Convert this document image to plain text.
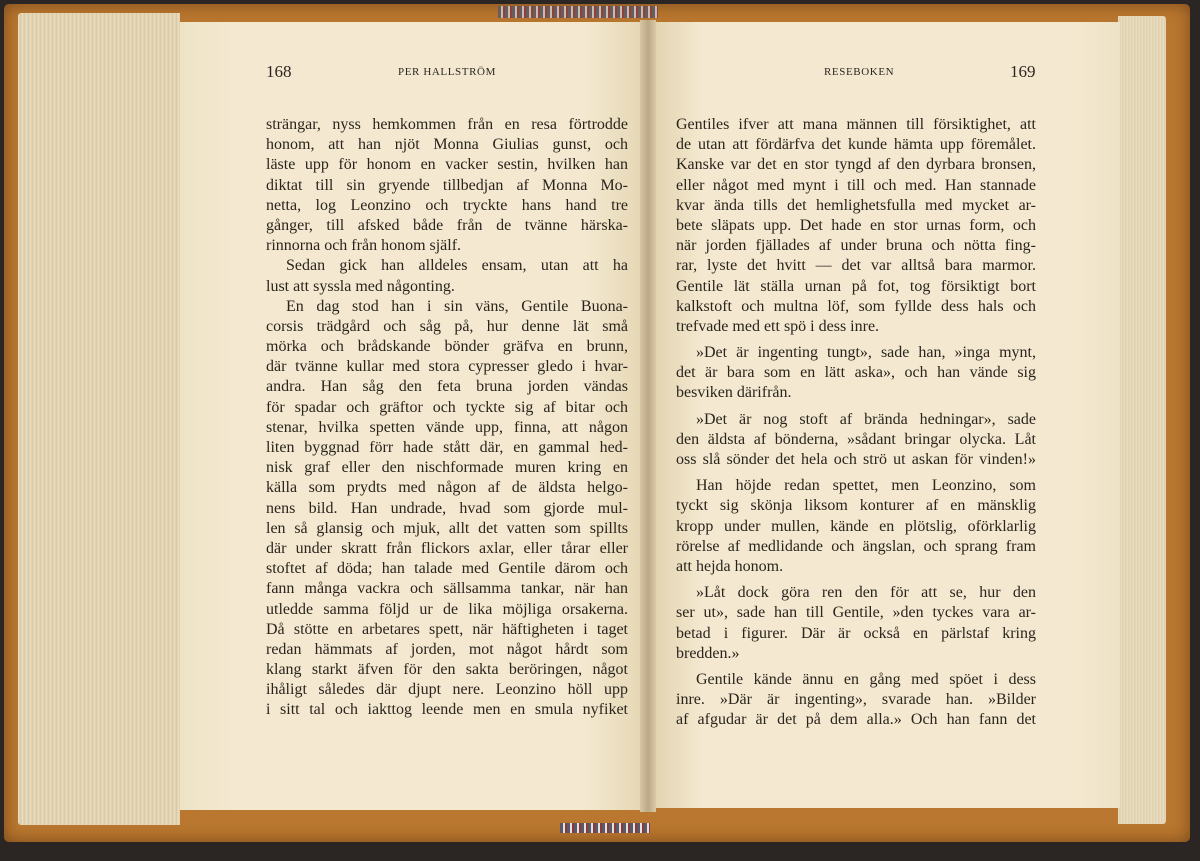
168	PER HALLSTRÖM	RESEBOKEN	169
strängar, nyss hemkommen från en resa förtrodde
honom, att han njöt Monna Giulias gunst, och
läste upp för honom en vacker sestin, hvilken han
diktat till sin gryende tillbedjan af Monna Mo-
netta, log Leonzino och tryckte hans hand tre
gånger, till afsked både från de tvänne härska-
rinnorna och från honom själf.
Sedan gick han alldeles ensam, utan att ha
lust att syssla med någonting.
En dag stod han i sin väns, Gentile Buona-
corsis trädgård och såg på, hur denne lät små
mörka och brådskande bönder gräfva en brunn,
där tvänne kullar med stora cypresser gledo i hvar-
andra. Han såg den feta bruna jorden vändas
för spadar och gräftor och tyckte sig af bitar och
stenar, hvilka spetten vände upp, finna, att någon
liten byggnad förr hade stått där, en gammal hed-
nisk graf eller den nischformade muren kring en
källa som prydts med någon af de äldsta helgo-
nens bild. Han undrade, hvad som gjorde mul-
len så glansig och mjuk, allt det vatten som spillts
där under skratt från flickors axlar, eller tårar eller
stoftet af döda; han talade med Gentile därom och
fann många vackra och sällsamma tankar, när han
utledde samma följd ur de lika möjliga orsakerna.
Då stötte en arbetares spett, när häftigheten i taget
redan hämmats af jorden, mot något hårdt som
klang starkt äfven för den sakta beröringen, något
ihåligt således där djupt nere. Leonzino höll upp
i sitt tal och iakttog leende men en smula nyfiket
Gentiles ifver att mana männen till försiktighet, att
de utan att fördärfva det kunde hämta upp föremålet.
Kanske var det en stor tyngd af den dyrbara bronsen,
eller något med mynt i till och med. Han stannade
kvar ända tills det hemlighetsfulla med mycket ar-
bete släpats upp. Det hade en stor urnas form, och
när jorden fjällades af under bruna och nötta fing-
rar, lyste det hvitt — det var alltså bara marmor.
Gentile lät ställa urnan på fot, tog försiktigt bort
kalkstoft och multna löf, som fyllde dess hals och
trefvade med ett spö i dess inre.
»Det är ingenting tungt», sade han, »inga mynt,
det är bara som en lätt aska», och han vände sig
besviken därifrån.
»Det är nog stoft af brända hedningar», sade
den äldsta af bönderna, »sådant bringar olycka. Låt
oss slå sönder det hela och strö ut askan för vinden!»
Han höjde redan spettet, men Leonzino, som
tyckt sig skönja liksom konturer af en mänsklig
kropp under mullen, kände en plötslig, oförklarlig
rörelse af medlidande och ängslan, och sprang fram
att hejda honom.
»Låt dock göra ren den för att se, hur den
ser ut», sade han till Gentile, »den tyckes vara ar-
betad i figurer. Där är också en pärlstaf kring
bredden.»
Gentile kände ännu en gång med spöet i dess
inre. »Där är ingenting», svarade han. »Bilder
af afgudar är det på dem alla.» Och han fann det
